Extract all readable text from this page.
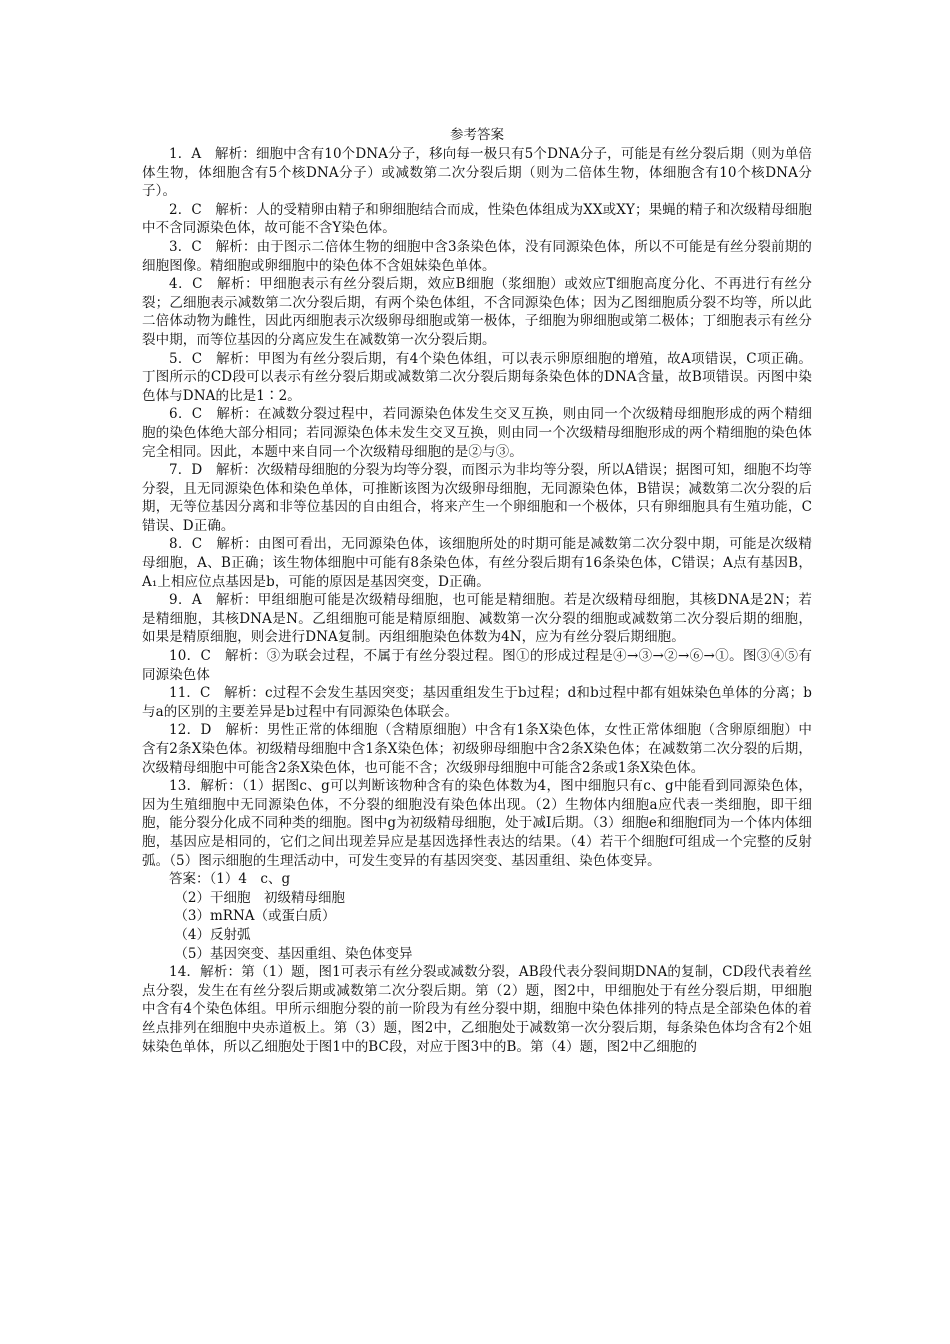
参考答案

1．A　解析：细胞中含有10个DNA分子，移向每一极只有5个DNA分子，可能是有丝分裂后期（则为单倍体生物，体细胞含有5个核DNA分子）或减数第二次分裂后期（则为二倍体生物，体细胞含有10个核DNA分子）。

2．C　解析：人的受精卵由精子和卵细胞结合而成，性染色体组成为XX或XY；果蝇的精子和次级精母细胞中不含同源染色体，故可能不含Y染色体。

3．C　解析：由于图示二倍体生物的细胞中含3条染色体，没有同源染色体，所以不可能是有丝分裂前期的细胞图像。精细胞或卵细胞中的染色体不含姐妹染色单体。

4．C　解析：甲细胞表示有丝分裂后期，效应B细胞（浆细胞）或效应T细胞高度分化、不再进行有丝分裂；乙细胞表示减数第二次分裂后期，有两个染色体组，不含同源染色体；因为乙图细胞质分裂不均等，所以此二倍体动物为雌性，因此丙细胞表示次级卵母细胞或第一极体，子细胞为卵细胞或第二极体；丁细胞表示有丝分裂中期，而等位基因的分离应发生在减数第一次分裂后期。

5．C　解析：甲图为有丝分裂后期，有4个染色体组，可以表示卵原细胞的增殖，故A项错误，C项正确。丁图所示的CD段可以表示有丝分裂后期或减数第二次分裂后期每条染色体的DNA含量，故B项错误。丙图中染色体与DNA的比是1∶2。

6．C　解析：在减数分裂过程中，若同源染色体发生交叉互换，则由同一个次级精母细胞形成的两个精细胞的染色体绝大部分相同；若同源染色体未发生交叉互换，则由同一个次级精母细胞形成的两个精细胞的染色体完全相同。因此，本题中来自同一个次级精母细胞的是②与③。

7．D　解析：次级精母细胞的分裂为均等分裂，而图示为非均等分裂，所以A错误；据图可知，细胞不均等分裂，且无同源染色体和染色单体，可推断该图为次级卵母细胞，无同源染色体，B错误；减数第二次分裂的后期，无等位基因分离和非等位基因的自由组合，将来产生一个卵细胞和一个极体，只有卵细胞具有生殖功能，C错误、D正确。

8．C　解析：由图可看出，无同源染色体，该细胞所处的时期可能是减数第二次分裂中期，可能是次级精母细胞，A、B正确；该生物体细胞中可能有8条染色体，有丝分裂后期有16条染色体，C错误；A点有基因B，A₁上相应位点基因是b，可能的原因是基因突变，D正确。

9．A　解析：甲组细胞可能是次级精母细胞，也可能是精细胞。若是次级精母细胞，其核DNA是2N；若是精细胞，其核DNA是N。乙组细胞可能是精原细胞、减数第一次分裂的细胞或减数第二次分裂后期的细胞，如果是精原细胞，则会进行DNA复制。丙组细胞染色体数为4N，应为有丝分裂后期细胞。

10．C　解析：③为联会过程，不属于有丝分裂过程。图①的形成过程是④→③→②→⑥→①。图③④⑤有同源染色体

11．C　解析：c过程不会发生基因突变；基因重组发生于b过程；d和b过程中都有姐妹染色单体的分离；b与a的区别的主要差异是b过程中有同源染色体联会。

12．D　解析：男性正常的体细胞（含精原细胞）中含有1条X染色体，女性正常体细胞（含卵原细胞）中含有2条X染色体。初级精母细胞中含1条X染色体；初级卵母细胞中含2条X染色体；在减数第二次分裂的后期，次级精母细胞中可能含2条X染色体，也可能不含；次级卵母细胞中可能含2条或1条X染色体。

13．解析：（1）据图c、g可以判断该物种含有的染色体数为4，图中细胞只有c、g中能看到同源染色体，因为生殖细胞中无同源染色体，不分裂的细胞没有染色体出现。（2）生物体内细胞a应代表一类细胞，即干细胞，能分裂分化成不同种类的细胞。图中g为初级精母细胞，处于减Ⅰ后期。（3）细胞e和细胞f同为一个体内体细胞，基因应是相同的，它们之间出现差异应是基因选择性表达的结果。（4）若干个细胞f可组成一个完整的反射弧。（5）图示细胞的生理活动中，可发生变异的有基因突变、基因重组、染色体变异。

答案：（1）4　c、g

（2）干细胞　初级精母细胞

（3）mRNA（或蛋白质）

（4）反射弧

（5）基因突变、基因重组、染色体变异

14．解析：第（1）题，图1可表示有丝分裂或减数分裂，AB段代表分裂间期DNA的复制，CD段代表着丝点分裂，发生在有丝分裂后期或减数第二次分裂后期。第（2）题，图2中，甲细胞处于有丝分裂后期，甲细胞中含有4个染色体组。甲所示细胞分裂的前一阶段为有丝分裂中期，细胞中染色体排列的特点是全部染色体的着丝点排列在细胞中央赤道板上。第（3）题，图2中，乙细胞处于减数第一次分裂后期，每条染色体均含有2个姐妹染色单体，所以乙细胞处于图1中的BC段，对应于图3中的B。第（4）题，图2中乙细胞的
